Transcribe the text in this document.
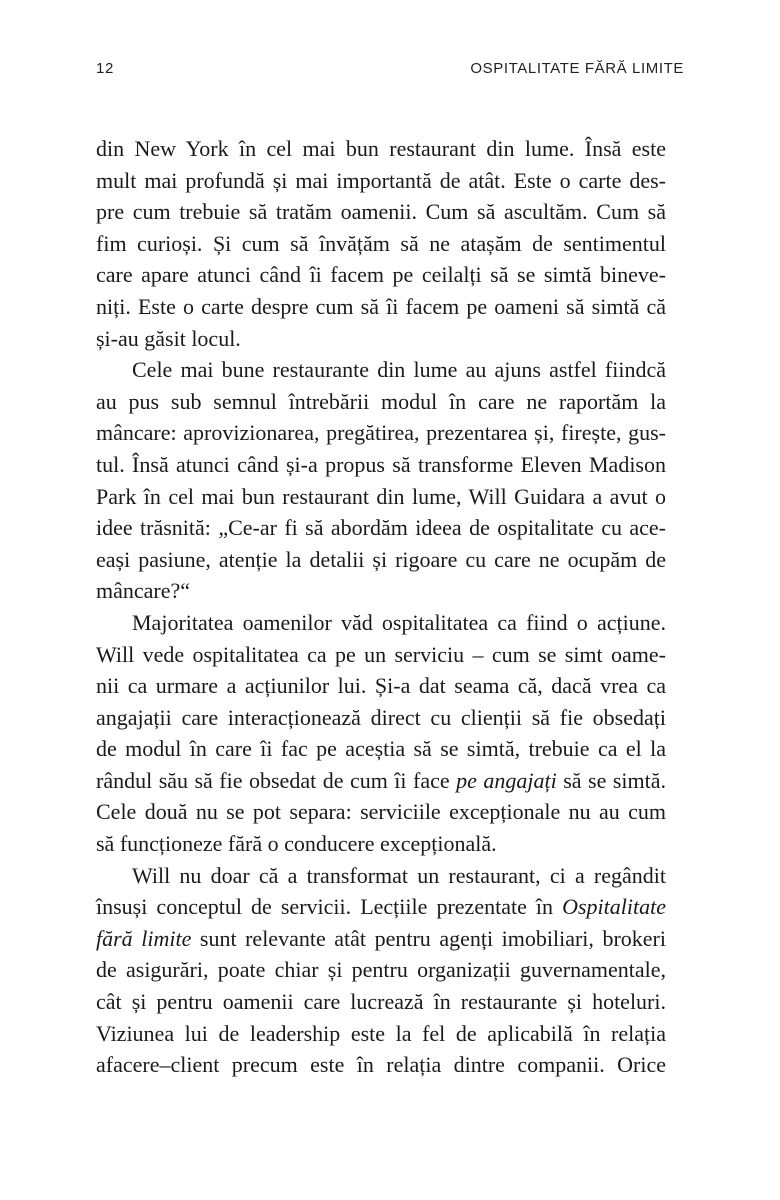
12	OSPITALITATE FĂRĂ LIMITE
din New York în cel mai bun restaurant din lume. Însă este
mult mai profundă și mai importantă de atât. Este o carte des-
pre cum trebuie să tratăm oamenii. Cum să ascultăm. Cum să
fim curioși. Și cum să învățăm să ne atașăm de sentimentul
care apare atunci când îi facem pe ceilalți să se simtă bineve-
niți. Este o carte despre cum să îi facem pe oameni să simtă că
și-au găsit locul.
Cele mai bune restaurante din lume au ajuns astfel fiindcă
au pus sub semnul întrebării modul în care ne raportăm la
mâncare: aprovizionarea, pregătirea, prezentarea și, firește, gus-
tul. Însă atunci când și-a propus să transforme Eleven Madison
Park în cel mai bun restaurant din lume, Will Guidara a avut o
idee trăsnită: „Ce-ar fi să abordăm ideea de ospitalitate cu ace-
eași pasiune, atenție la detalii și rigoare cu care ne ocupăm de
mâncare?“
Majoritatea oamenilor văd ospitalitatea ca fiind o acțiune.
Will vede ospitalitatea ca pe un serviciu – cum se simt oame-
nii ca urmare a acțiunilor lui. Și-a dat seama că, dacă vrea ca
angajații care interacționează direct cu clienții să fie obsedați
de modul în care îi fac pe aceștia să se simtă, trebuie ca el la
rândul său să fie obsedat de cum îi face pe angajați să se simtă.
Cele două nu se pot separa: serviciile excepționale nu au cum
să funcționeze fără o conducere excepțională.
Will nu doar că a transformat un restaurant, ci a regândit
însuși conceptul de servicii. Lecțiile prezentate în Ospitalitate
fără limite sunt relevante atât pentru agenți imobiliari, brokeri
de asigurări, poate chiar și pentru organizații guvernamentale,
cât și pentru oamenii care lucrează în restaurante și hoteluri.
Viziunea lui de leadership este la fel de aplicabilă în relația
afacere–client precum este în relația dintre companii. Orice
